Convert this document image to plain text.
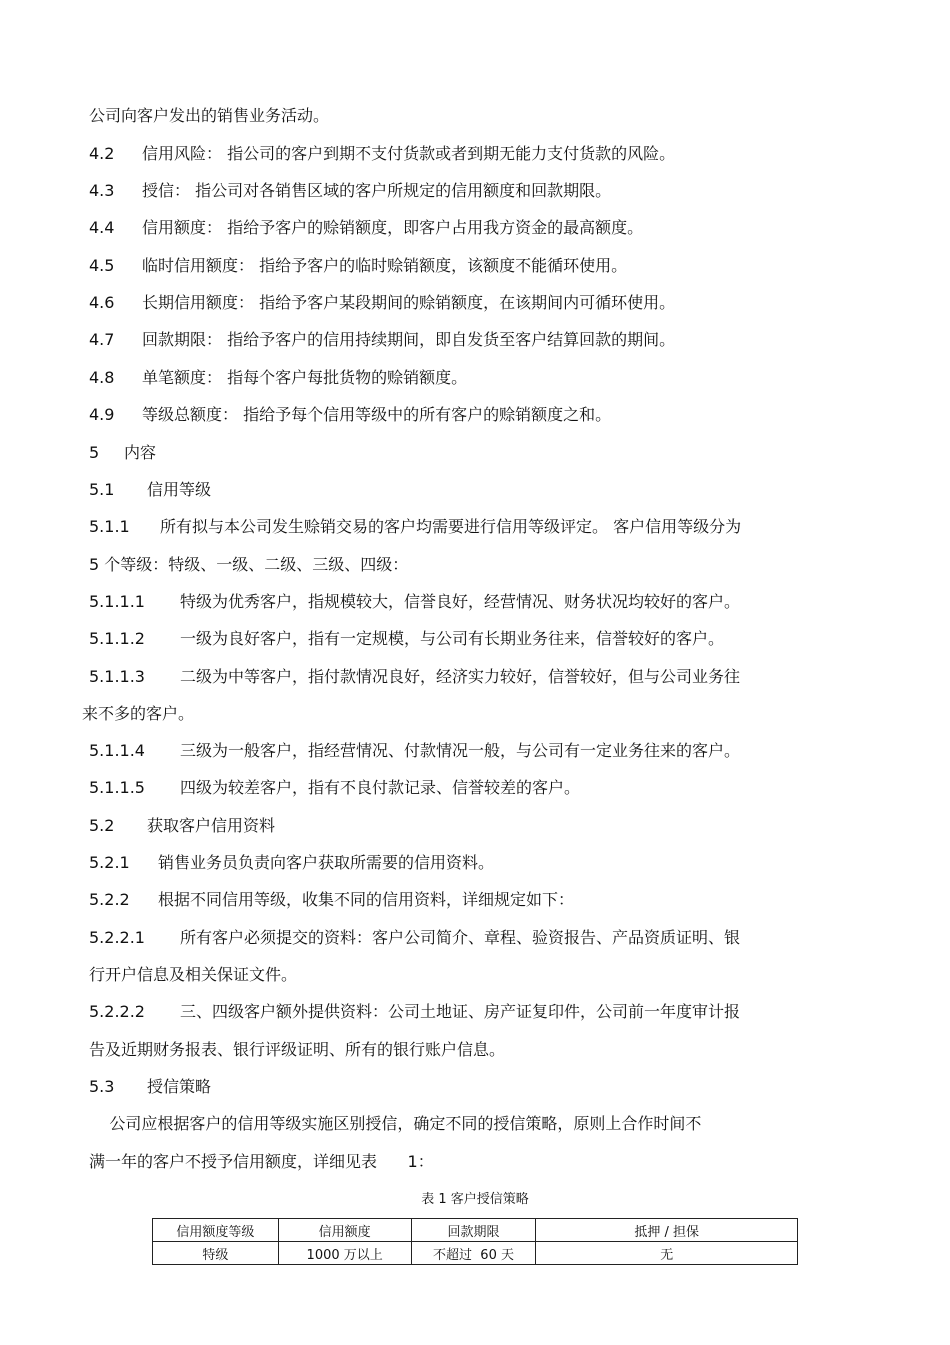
公司向客户发出的销售业务活动。
4.2 信用风险： 指公司的客户到期不支付货款或者到期无能力支付货款的风险。
4.3 授信： 指公司对各销售区域的客户所规定的信用额度和回款期限。
4.4 信用额度： 指给予客户的赊销额度，即客户占用我方资金的最高额度。
4.5 临时信用额度： 指给予客户的临时赊销额度，该额度不能循环使用。
4.6 长期信用额度： 指给予客户某段期间的赊销额度，在该期间内可循环使用。
4.7 回款期限： 指给予客户的信用持续期间，即自发货至客户结算回款的期间。
4.8 单笔额度： 指每个客户每批货物的赊销额度。
4.9 等级总额度： 指给予每个信用等级中的所有客户的赊销额度之和。
5 内容
5.1 信用等级
5.1.1 所有拟与本公司发生赊销交易的客户均需要进行信用等级评定。 客户信用等级分为
5 个等级：特级、一级、二级、三级、四级：
5.1.1.1 特级为优秀客户，指规模较大，信誉良好，经营情况、财务状况均较好的客户。
5.1.1.2 一级为良好客户，指有一定规模，与公司有长期业务往来，信誉较好的客户。
5.1.1.3 二级为中等客户，指付款情况良好，经济实力较好，信誉较好，但与公司业务往
来不多的客户。
5.1.1.4 三级为一般客户，指经营情况、付款情况一般，与公司有一定业务往来的客户。
5.1.1.5 四级为较差客户，指有不良付款记录、信誉较差的客户。
5.2 获取客户信用资料
5.2.1 销售业务员负责向客户获取所需要的信用资料。
5.2.2 根据不同信用等级，收集不同的信用资料，详细规定如下：
5.2.2.1 所有客户必须提交的资料：客户公司简介、章程、验资报告、产品资质证明、银
行开户信息及相关保证文件。
5.2.2.2 三、四级客户额外提供资料：公司土地证、房产证复印件，公司前一年度审计报
告及近期财务报表、银行评级证明、所有的银行账户信息。
5.3 授信策略
公司应根据客户的信用等级实施区别授信，确定不同的授信策略，原则上合作时间不
满一年的客户不授予信用额度，详细见表      1：
表 1 客户授信策略
信用额度等级	信用额度	回款期限	抵押 / 担保
特级	1000 万以上	不超过  60 天	无
